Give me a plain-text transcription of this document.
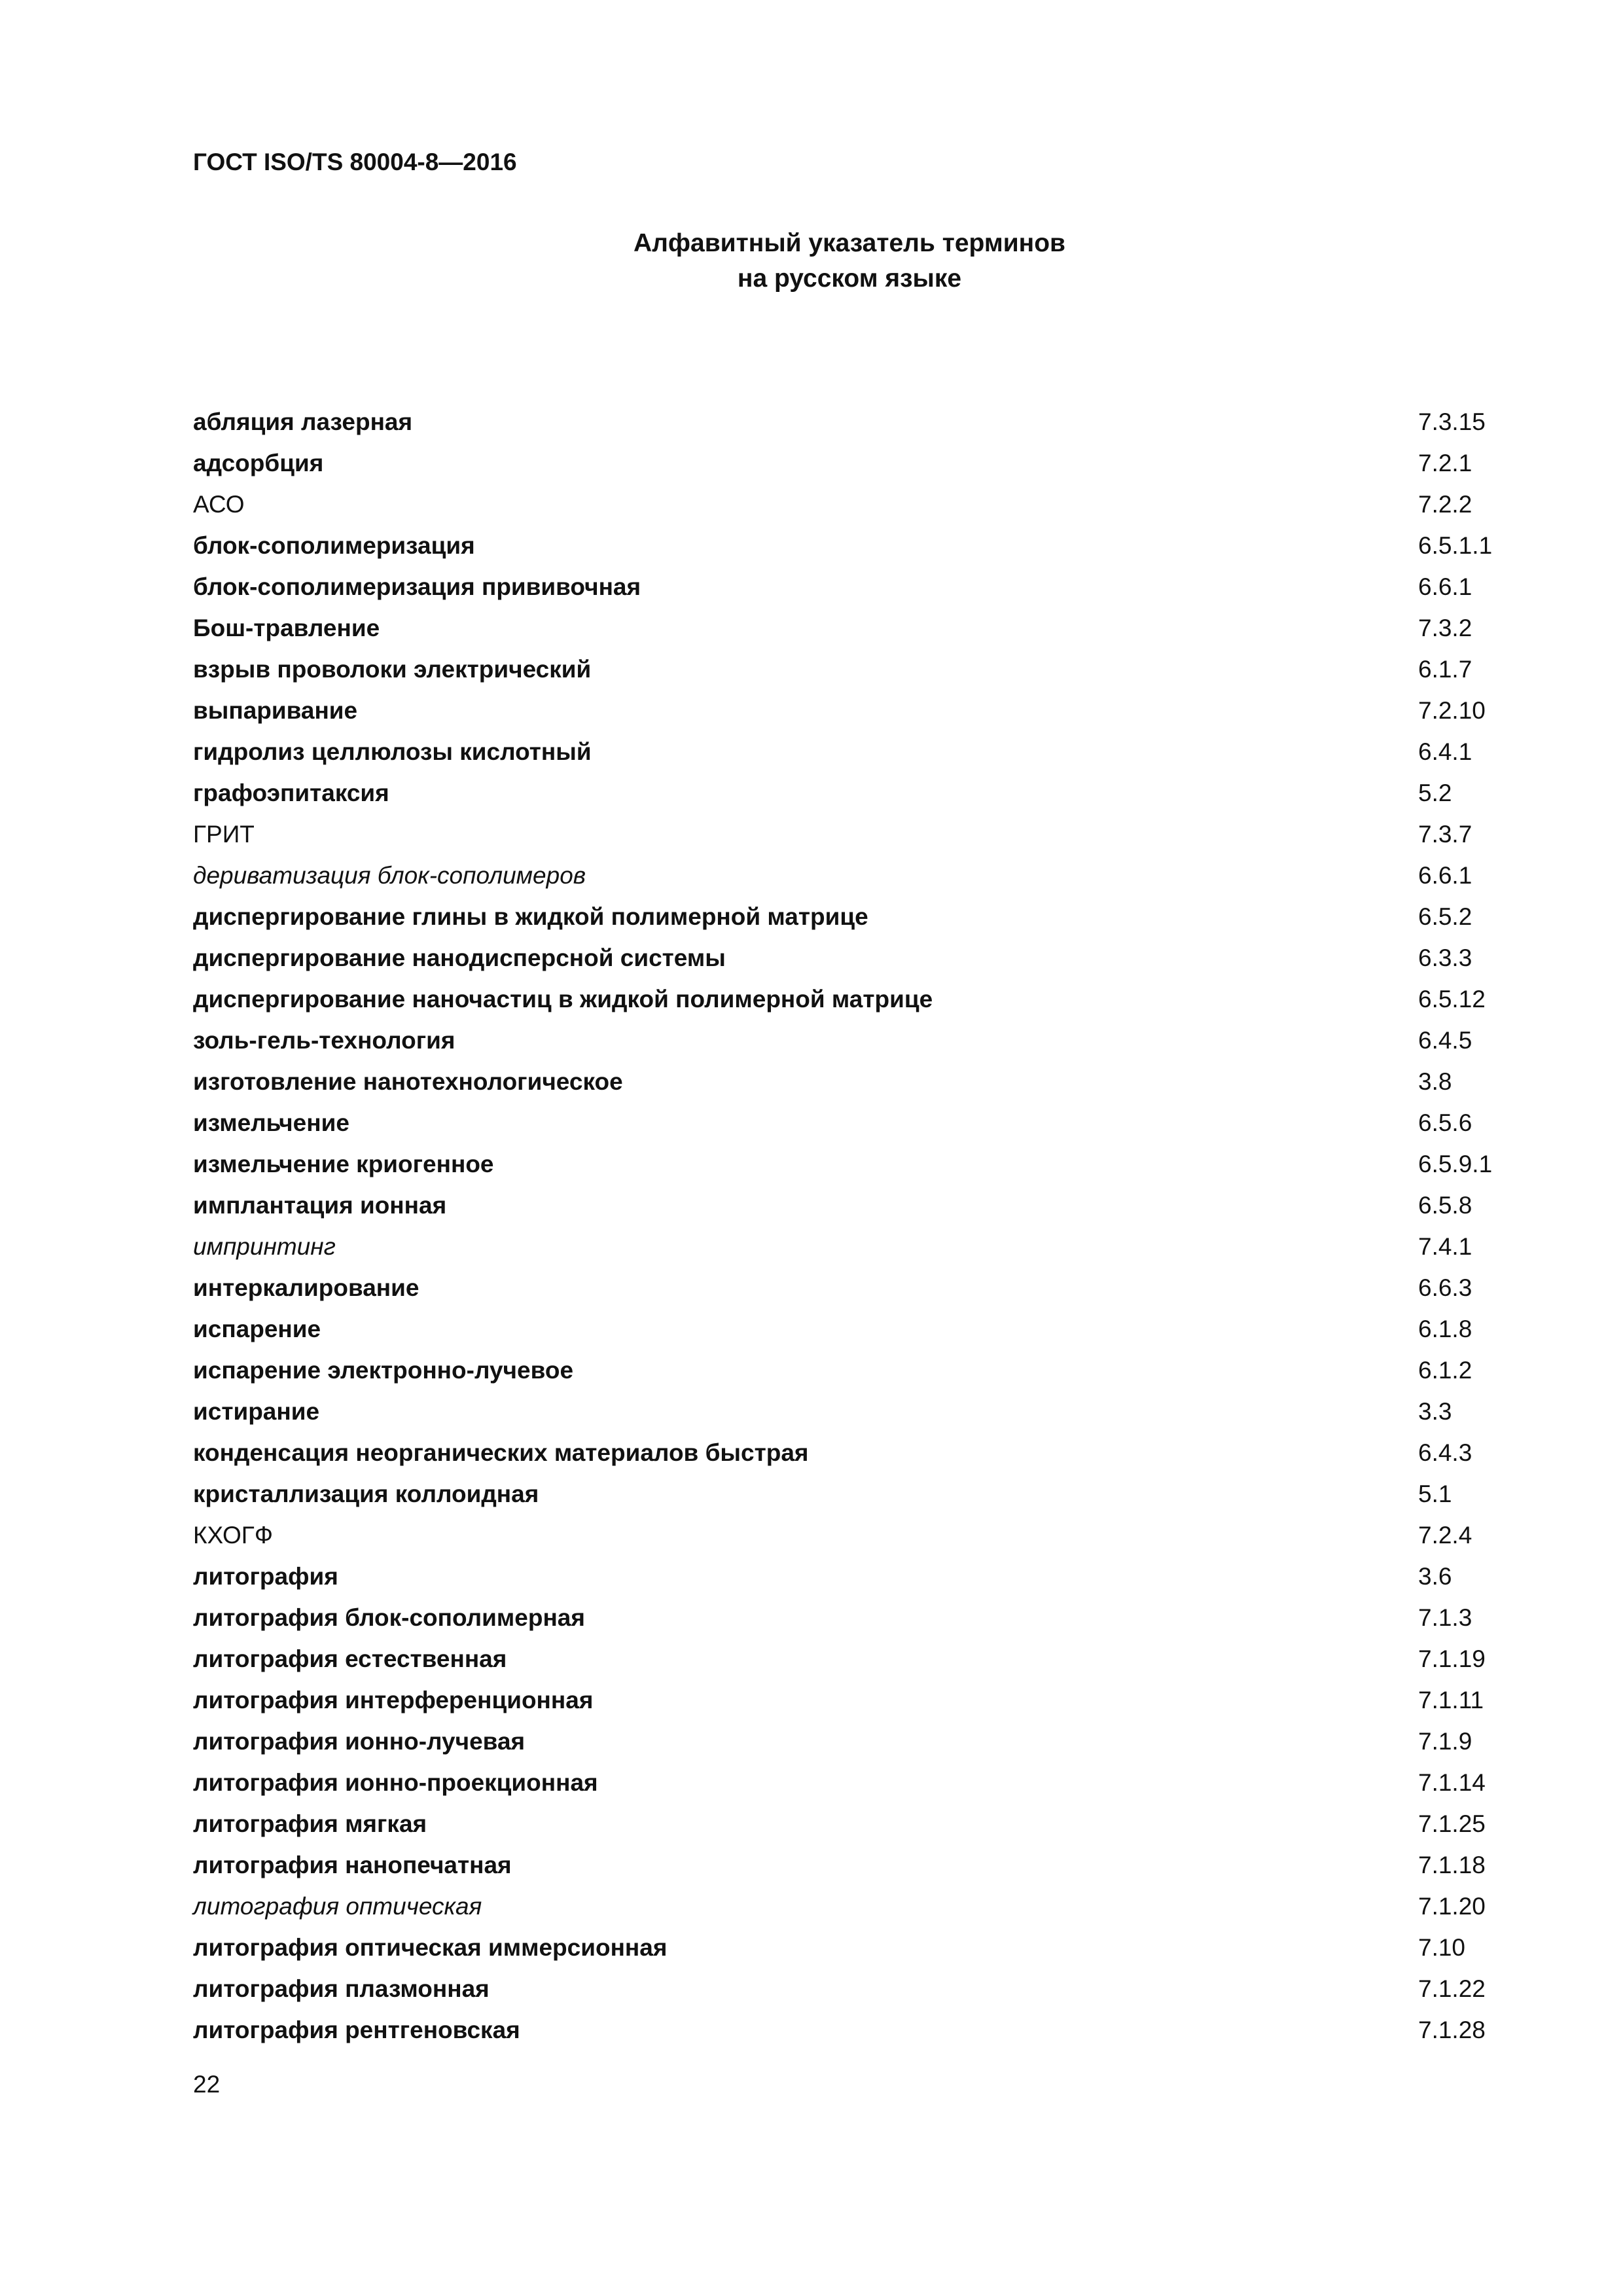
ГОСТ ISO/TS 80004-8—2016
Алфавитный указатель терминов
на русском языке
абляция лазерная	7.3.15
адсорбция	7.2.1
АСО	7.2.2
блок-сополимеризация	6.5.1.1
блок-сополимеризация прививочная	6.6.1
Бош-травление	7.3.2
взрыв проволоки электрический	6.1.7
выпаривание	7.2.10
гидролиз целлюлозы кислотный	6.4.1
графоэпитаксия	5.2
ГРИТ	7.3.7
дериватизация блок-сополимеров	6.6.1
диспергирование глины в жидкой полимерной матрице	6.5.2
диспергирование нанодисперсной системы	6.3.3
диспергирование наночастиц в жидкой полимерной матрице	6.5.12
золь-гель-технология	6.4.5
изготовление нанотехнологическое	3.8
измельчение	6.5.6
измельчение криогенное	6.5.9.1
имплантация ионная	6.5.8
импринтинг	7.4.1
интеркалирование	6.6.3
испарение	6.1.8
испарение электронно-лучевое	6.1.2
истирание	3.3
конденсация неорганических материалов быстрая	6.4.3
кристаллизация коллоидная	5.1
КХОГФ	7.2.4
литография	3.6
литография блок-сополимерная	7.1.3
литография естественная	7.1.19
литография интерференционная	7.1.11
литография ионно-лучевая	7.1.9
литография ионно-проекционная	7.1.14
литография мягкая	7.1.25
литография нанопечатная	7.1.18
литография оптическая	7.1.20
литография оптическая иммерсионная	7.10
литография плазмонная	7.1.22
литография рентгеновская	7.1.28
22
